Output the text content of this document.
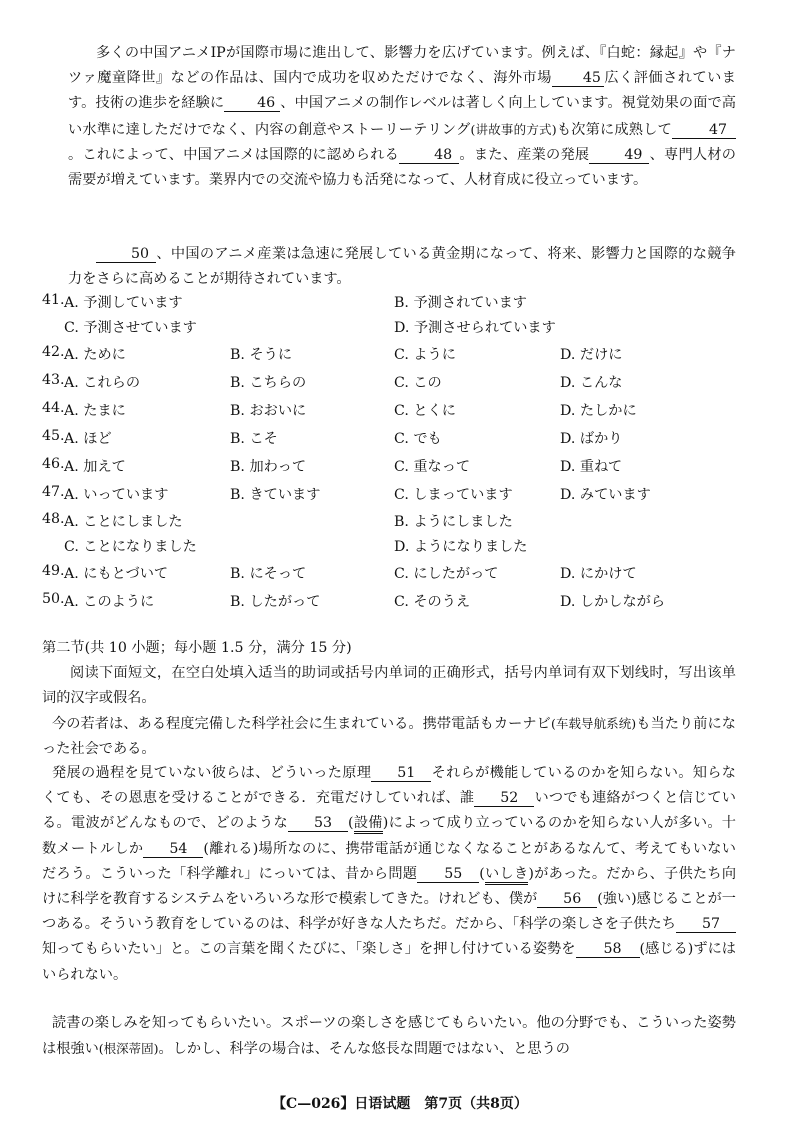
多くの中国アニメIPが国際市場に進出して、影響力を広げています。例えば、『白蛇：縁起』や『ナツァ魔童降世』などの作品は、国内で成功を収めただけでなく、海外市場 45 広く評価されています。技術の進歩を経験に 46 、中国アニメの制作レベルは著しく向上しています。視覚効果の面で高い水準に達しただけでなく、内容の創意やストーリーテリング(讲故事的方式)も次第に成熟して	47。これによって、中国アニメは国際的に認められる 48 。また、産業の発展 49 、専門人材の需要が増えています。業界内での交流や協力も活発になって、人材育成に役立っています。

50 、中国のアニメ産業は急速に発展している黄金期になって、将来、影響力と国際的な競争力をさらに高めることが期待されています。

41. A. 予測しています	B. 予測されています
C. 予測させています	D. 予測させられています
42. A. ために	B. そうに	C. ように	D. だけに
43. A. これらの	B. こちらの	C. この	D. こんな
44. A. たまに	B. おおいに	C. とくに	D. たしかに
45. A. ほど	B. こそ	C. でも	D. ばかり
46. A. 加えて	B. 加わって	C. 重なって	D. 重ねて
47. A. いっています	B. きています	C. しまっています	D. みています
48. A. ことにしました	B. ようにしました
C. ことになりました	D. ようになりました
49. A. にもとづいて	B. にそって	C. にしたがって	D. にかけて
50. A. このように	B. したがって	C. そのうえ	D. しかしながら
第二节(共 10 小题；每小题 1.5 分，满分 15 分)

阅读下面短文，在空白处填入适当的助词或括号内单词的正确形式，括号内单词有双下划线时，写出该单词的汉字或假名。

今の若者は、ある程度完備した科学社会に生まれている。携帯電話もカーナビ(车载导航系统)も当たり前になった社会である。

発展の過程を見ていない彼らは、どういった原理 51 それらが機能しているのかを知らない。知らなくても、その恩恵を受けることができる．充電だけしていれば、誰 52 いつでも連絡がつくと信じている。電波がどんなもので、どのような 53 (設備)によって成り立っているのかを知らない人が多い。十数メートルしか 54 (離れる)場所なのに、携帯電話が通じなくなることがあるなんて、考えてもいないだろう。こういった「科学離れ」にっいては、昔から問題 55 (いしき)があった。だから、子供たち向けに科学を教育するシステムをいろいろな形で模索してきた。けれども、僕が 56 (強い)感じることが一つある。そういう教育をしているのは、科学が好きな人たちだ。だから、「科学の楽しさを子供たち 57知ってもらいたい」と。この言葉を聞くたびに、「楽しさ」を押し付けている姿勢を 58 (感じる)ずにはいられない。

読書の楽しみを知ってもらいたい。スポーツの楽しさを感じてもらいたい。他の分野でも、こういった姿勢は根強い(根深蒂固)。しかし、科学の場合は、そんな悠長な問題ではない、と思うの

【C—026】日语试题　第7页（共8页）
